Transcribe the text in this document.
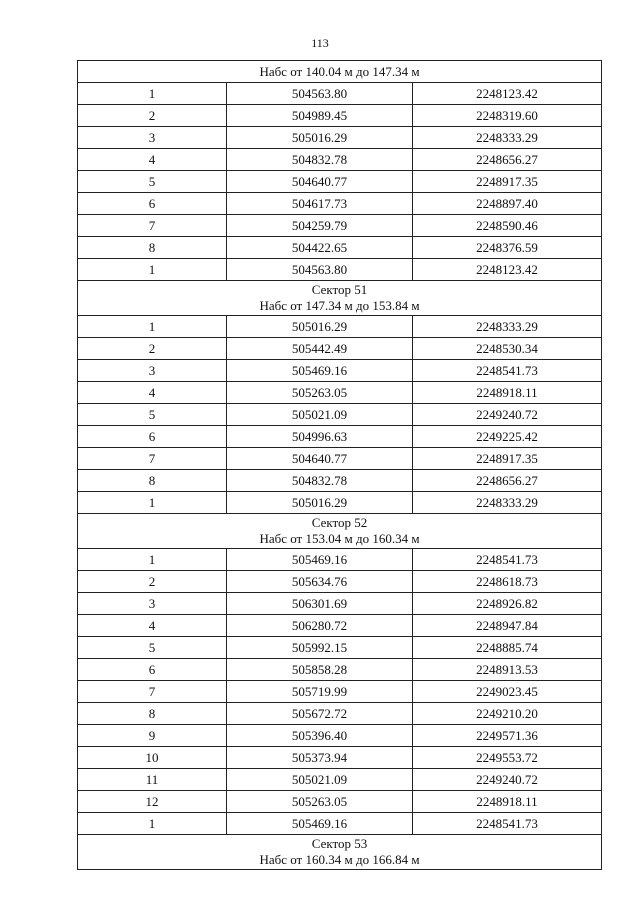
113
Набс от 140.04 м до 147.34 м		

1	504563.80	2248123.42
2	504989.45	2248319.60
3	505016.29	2248333.29
4	504832.78	2248656.27
5	504640.77	2248917.35
6	504617.73	2248897.40
7	504259.79	2248590.46
8	504422.65	2248376.59
1	504563.80	2248123.42

Сектор 51
Набс от 147.34 м до 153.84 м		

1	505016.29	2248333.29
2	505442.49	2248530.34
3	505469.16	2248541.73
4	505263.05	2248918.11
5	505021.09	2249240.72
6	504996.63	2249225.42
7	504640.77	2248917.35
8	504832.78	2248656.27
1	505016.29	2248333.29

Сектор 52
Набс от 153.04 м до 160.34 м		

1	505469.16	2248541.73
2	505634.76	2248618.73
3	506301.69	2248926.82
4	506280.72	2248947.84
5	505992.15	2248885.74
6	505858.28	2248913.53
7	505719.99	2249023.45
8	505672.72	2249210.20
9	505396.40	2249571.36
10	505373.94	2249553.72
11	505021.09	2249240.72
12	505263.05	2248918.11
1	505469.16	2248541.73

Сектор 53
Набс от 160.34 м до 166.84 м		
